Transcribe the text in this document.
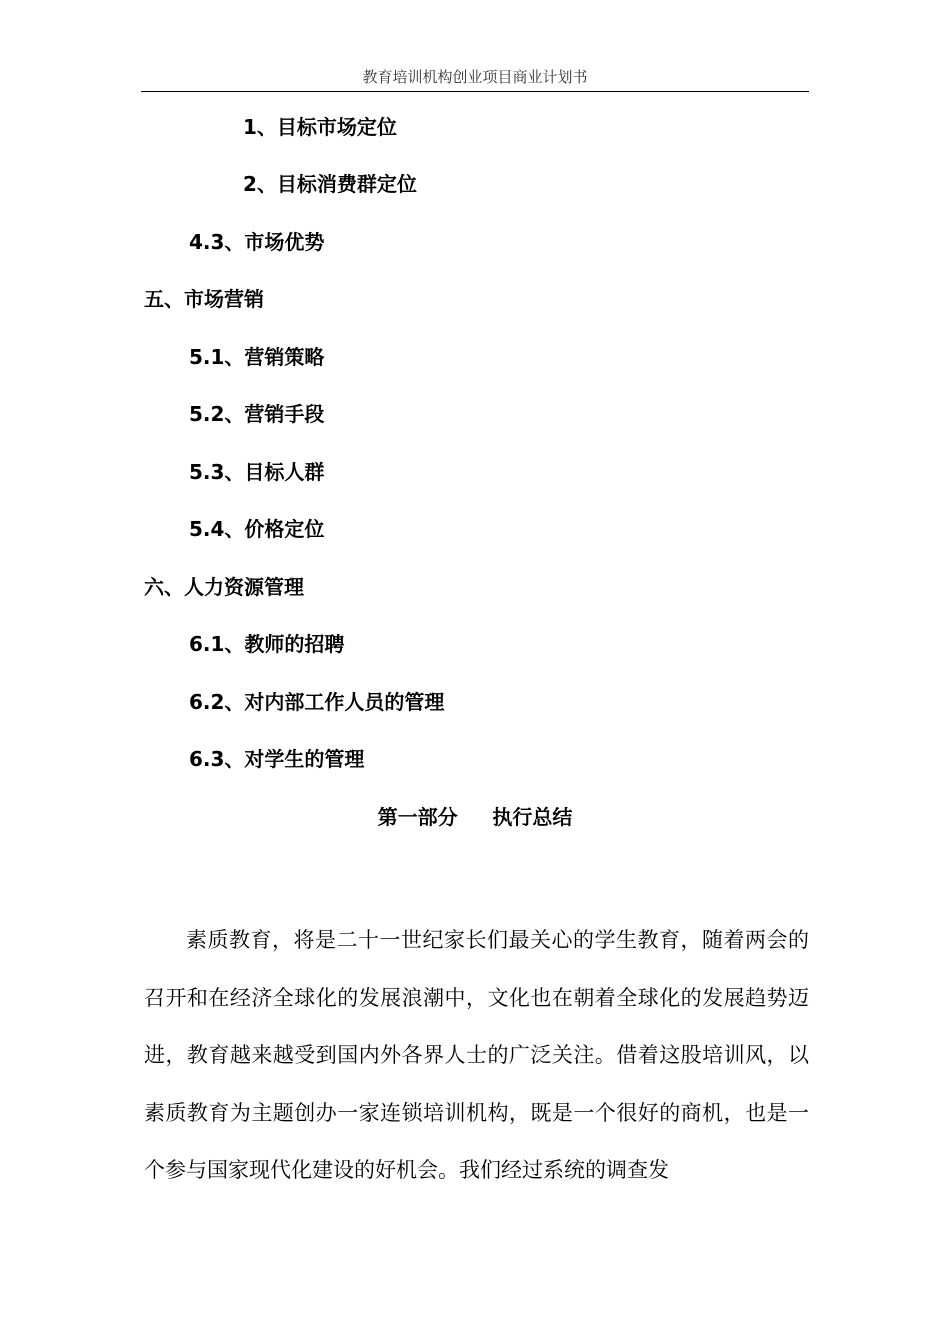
教育培训机构创业项目商业计划书
1、目标市场定位
2、目标消费群定位
4.3、市场优势
五、市场营销
5.1、营销策略
5.2、营销手段
5.3、目标人群
5.4、价格定位
六、人力资源管理
6.1、教师的招聘
6.2、对内部工作人员的管理
6.3、对学生的管理
第一部分     执行总结

素质教育，将是二十一世纪家长们最关心的学生教育，随着两会的召开和在经济全球化的发展浪潮中，文化也在朝着全球化的发展趋势迈进，教育越来越受到国内外各界人士的广泛关注。借着这股培训风，以素质教育为主题创办一家连锁培训机构，既是一个很好的商机，也是一个参与国家现代化建设的好机会。我们经过系统的调查发
